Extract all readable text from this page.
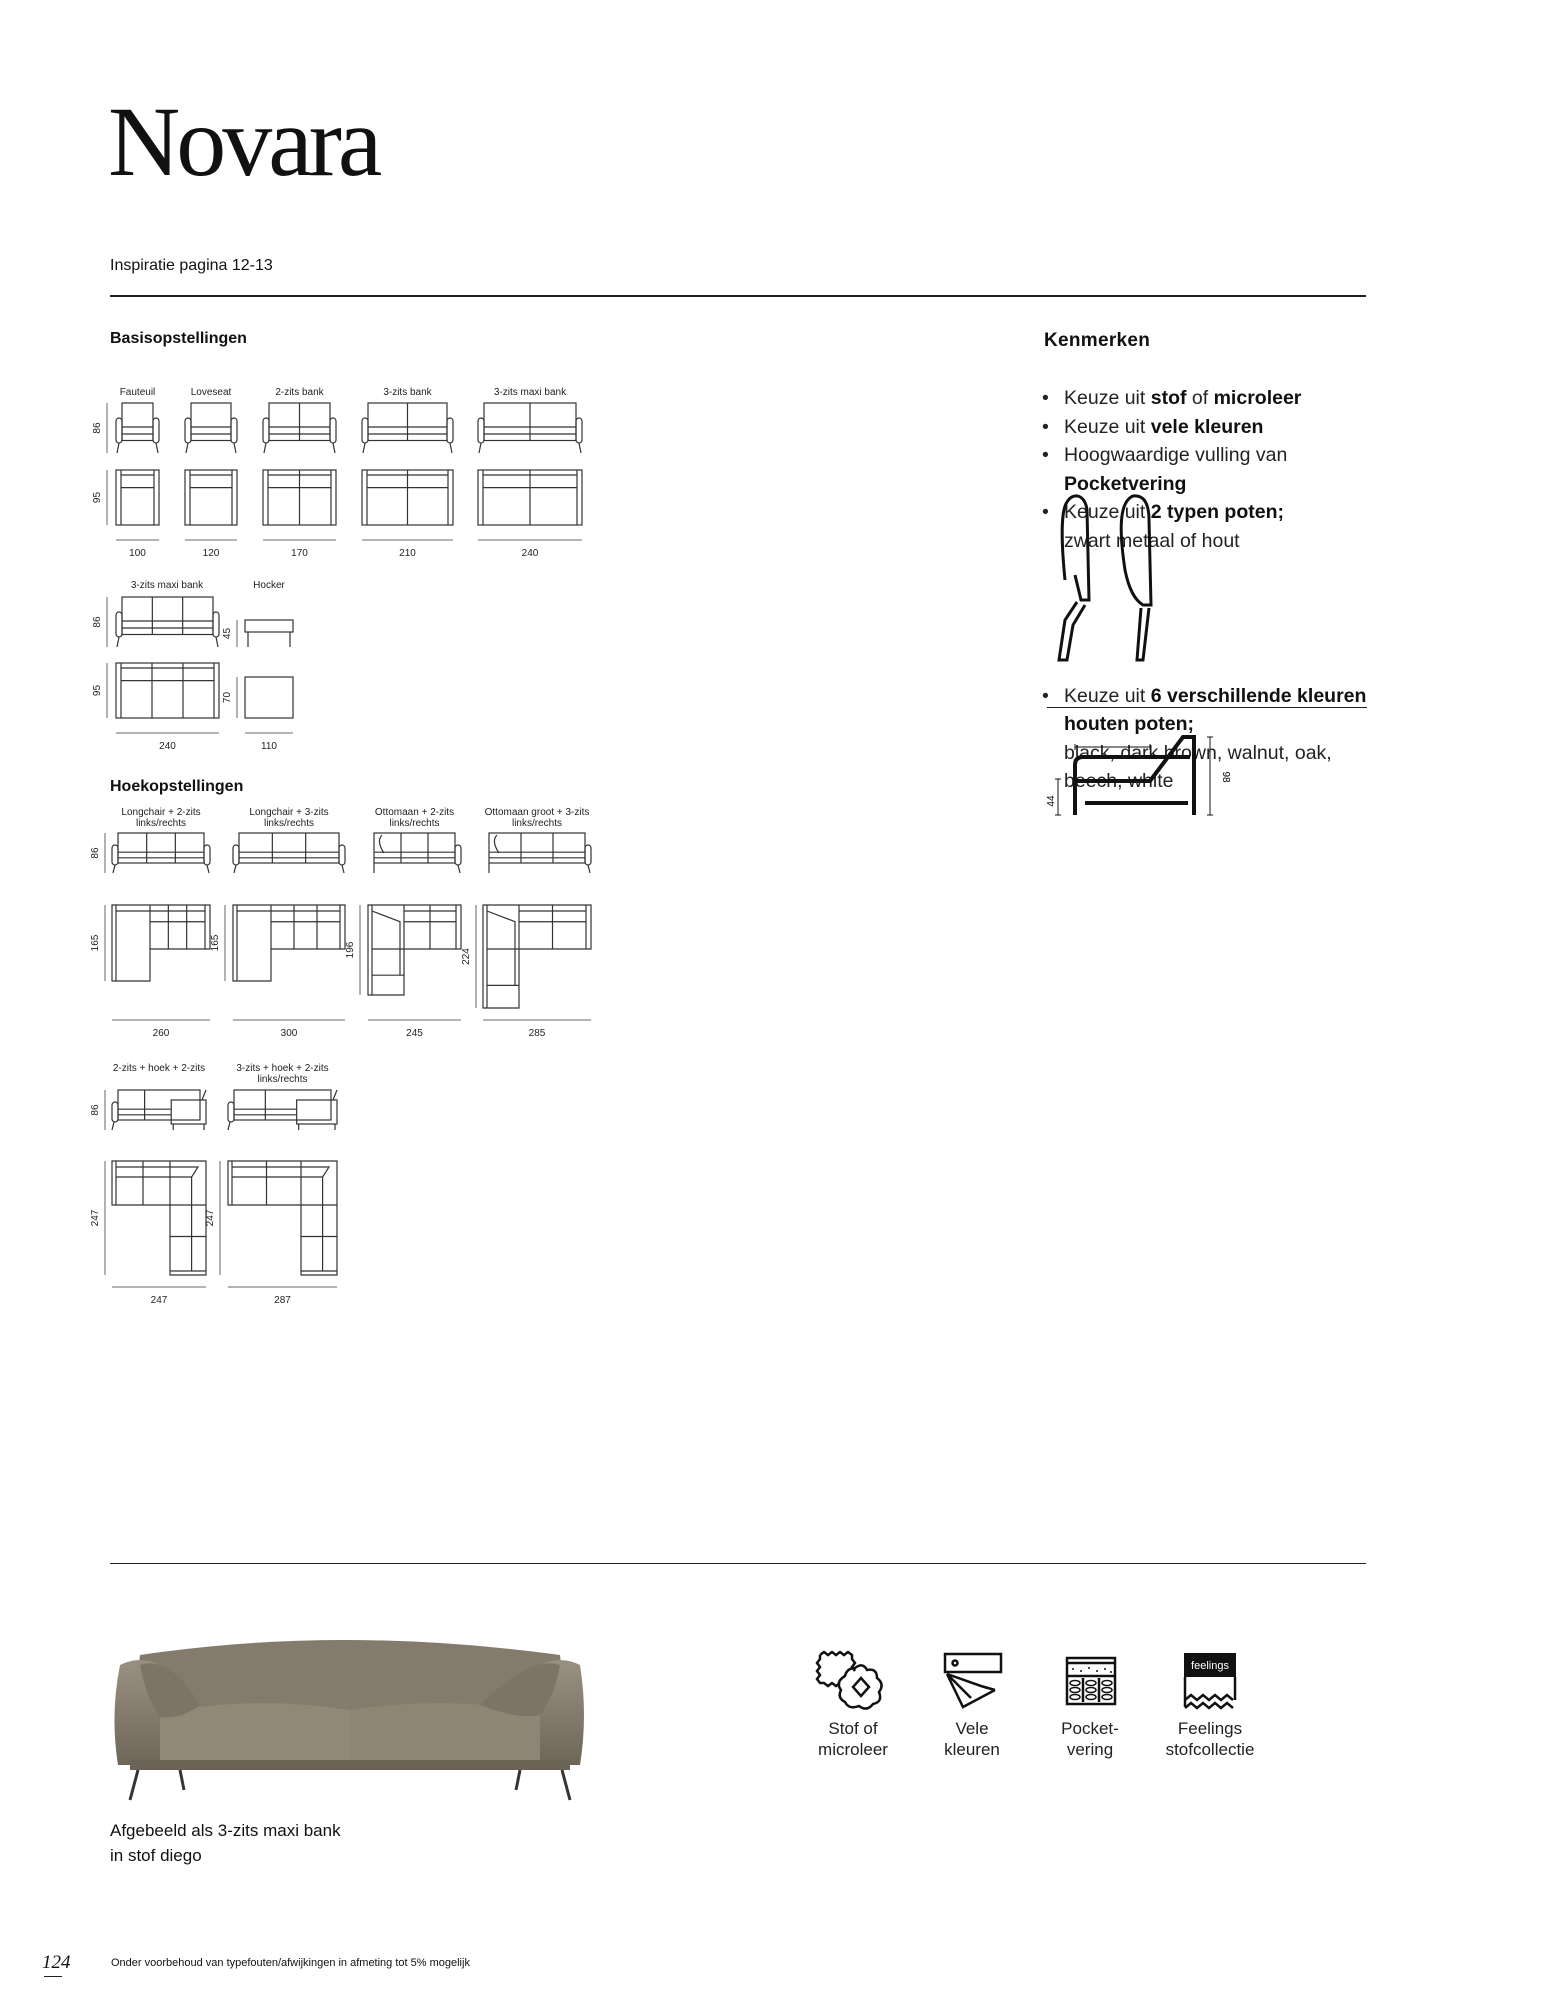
Novara
Inspiratie pagina 12-13
Basisopstellingen
Hoekopstellingen
Fauteuil
100
Loveseat
120
2-zits bank
170
3-zits bank
210
3-zits maxi bank
240
86
95
3-zits maxi bank
240
86
95
Hocker
110
45
70
Longchair + 2-zits
links/rechts
260
165
Longchair + 3-zits
links/rechts
300
165
Ottomaan + 2-zits
links/rechts
245
196
Ottomaan groot + 3-zits
links/rechts
285
224
86
2-zits + hoek + 2-zits
247
247
3-zits + hoek + 2-zits
links/rechts
287
247
86
Kenmerken
• Keuze uit stof of microleer
• Keuze uit vele kleuren
• Hoogwaardige vulling van
Pocketvering
• Keuze uit 2 typen poten;
zwart metaal of hout
• Keuze uit 6 verschillende kleuren houten poten;
black, dark brown, walnut, oak, beech, white
44
98
Afgebeeld als 3-zits maxi bank
in stof diego
feelings
Stof of
microleer
Vele
kleuren
Pocket-
vering
Feelings
stofcollectie
124	Onder voorbehoud van typefouten/afwijkingen in afmeting tot 5% mogelijk
